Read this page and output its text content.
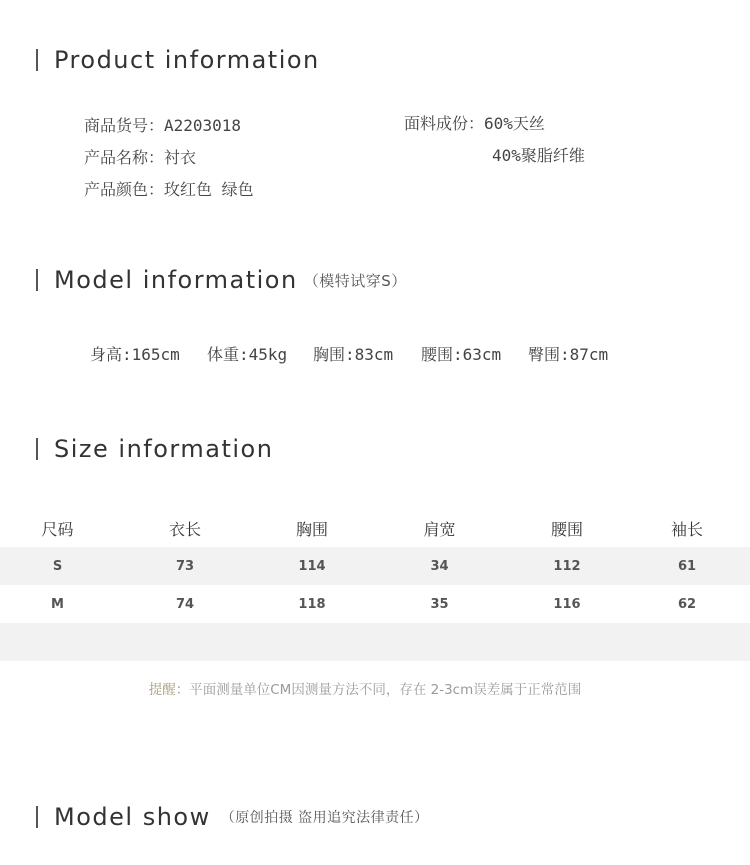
Product information
商品货号：A2203018
产品名称：衬衣
产品颜色：玫红色 绿色
面料成份：60%天丝
40%聚脂纤维
Model information （模特试穿S）
身高:165cm 体重:45kg 胸围:83cm 腰围:63cm 臀围:87cm
Size information
尺码	衣长	胸围	肩宽	腰围	袖长
S	73	114	34	112	61
M	74	118	35	116	62
提醒：平面测量单位CM因测量方法不同，存在 2-3cm误差属于正常范围
Model show （原创拍摄 盗用追究法律责任）
